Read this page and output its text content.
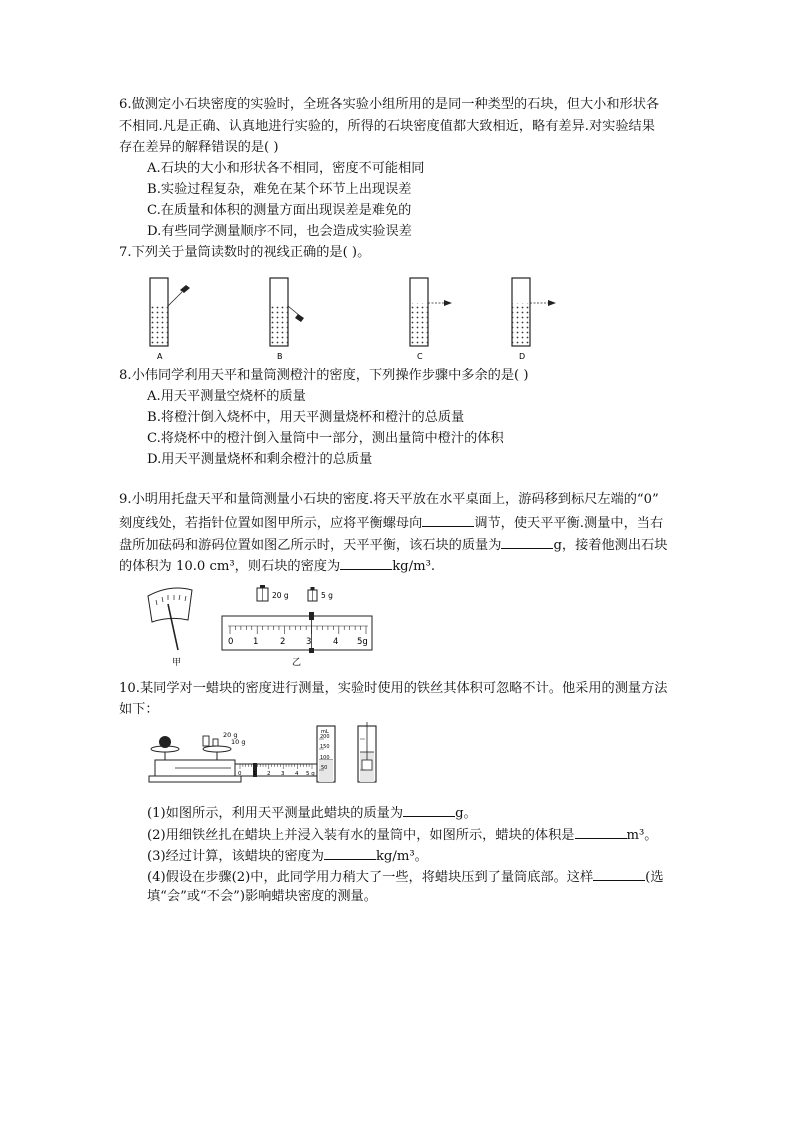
6.做测定小石块密度的实验时，全班各实验小组所用的是同一种类型的石块，但大小和形状各
不相同.凡是正确、认真地进行实验的，所得的石块密度值都大致相近，略有差异.对实验结果
存在差异的解释错误的是( )
A.石块的大小和形状各不相同，密度不可能相同
B.实验过程复杂，难免在某个环节上出现误差
C.在质量和体积的测量方面出现误差是难免的
D.有些同学测量顺序不同，也会造成实验误差
7.下列关于量筒读数时的视线正确的是( )。
A	B	C	D
8.小伟同学利用天平和量筒测橙汁的密度，下列操作步骤中多余的是( )
A.用天平测量空烧杯的质量
B.将橙汁倒入烧杯中，用天平测量烧杯和橙汁的总质量
C.将烧杯中的橙汁倒入量筒中一部分，测出量筒中橙汁的体积
D.用天平测量烧杯和剩余橙汁的总质量
9.小明用托盘天平和量筒测量小石块的密度.将天平放在水平桌面上，游码移到标尺左端的“0”
刻度线处，若指针位置如图甲所示，应将平衡螺母向	调节，使天平平衡.测量中，当右
盘所加砝码和游码位置如图乙所示时，天平平衡，该石块的质量为	g，接着他测出石块
的体积为 10.0 cm³，则石块的密度为	kg/m³.
甲
20 g	5 g
0 1	2 3	4 5g
乙
10.某同学对一蜡块的密度进行测量，实验时使用的铁丝其体积可忽略不计。他采用的测量方法
如下：
20 g
10 g
0 1 2 3 4 5 g
mL
200
150
100
50
(1)如图所示，利用天平测量此蜡块的质量为	g。
(2)用细铁丝扎在蜡块上并浸入装有水的量筒中，如图所示，蜡块的体积是	m³。
(3)经过计算，该蜡块的密度为	kg/m³。
(4)假设在步骤(2)中，此同学用力稍大了一些，将蜡块压到了量筒底部。这样	(选
填“会”或“不会”)影响蜡块密度的测量。
